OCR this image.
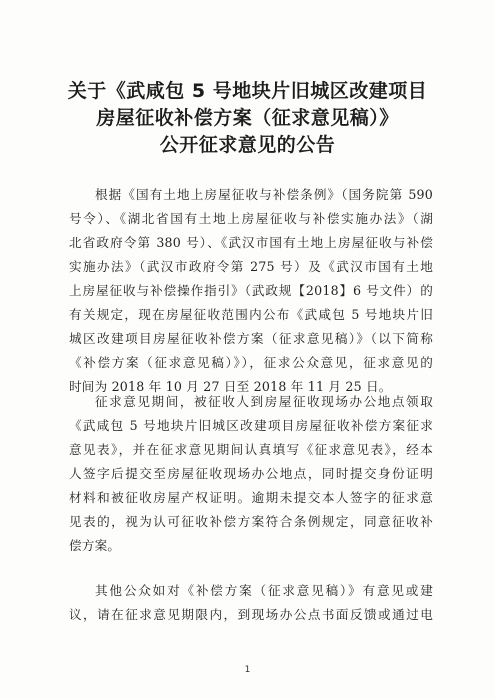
关于《武咸包 5 号地块片旧城区改建项目
房屋征收补偿方案（征求意见稿）》
公开征求意见的公告
根据《国有土地上房屋征收与补偿条例》（国务院第 590
号令）、《湖北省国有土地上房屋征收与补偿实施办法》（湖
北省政府令第 380 号）、《武汉市国有土地上房屋征收与补偿
实施办法》（武汉市政府令第 275 号）及《武汉市国有土地
上房屋征收与补偿操作指引》（武政规【2018】6 号文件）的
有关规定，现在房屋征收范围内公布《武咸包 5 号地块片旧
城区改建项目房屋征收补偿方案（征求意见稿）》（以下简称
《补偿方案（征求意见稿）》），征求公众意见，征求意见的
时间为 2018 年 10 月 27 日至 2018 年 11 月 25 日。
征求意见期间，被征收人到房屋征收现场办公地点领取
《武咸包 5 号地块片旧城区改建项目房屋征收补偿方案征求
意见表》，并在征求意见期间认真填写《征求意见表》，经本
人签字后提交至房屋征收现场办公地点，同时提交身份证明
材料和被征收房屋产权证明。逾期未提交本人签字的征求意
见表的，视为认可征收补偿方案符合条例规定，同意征收补
偿方案。
其他公众如对《补偿方案（征求意见稿）》有意见或建
议，请在征求意见期限内，到现场办公点书面反馈或通过电
1
